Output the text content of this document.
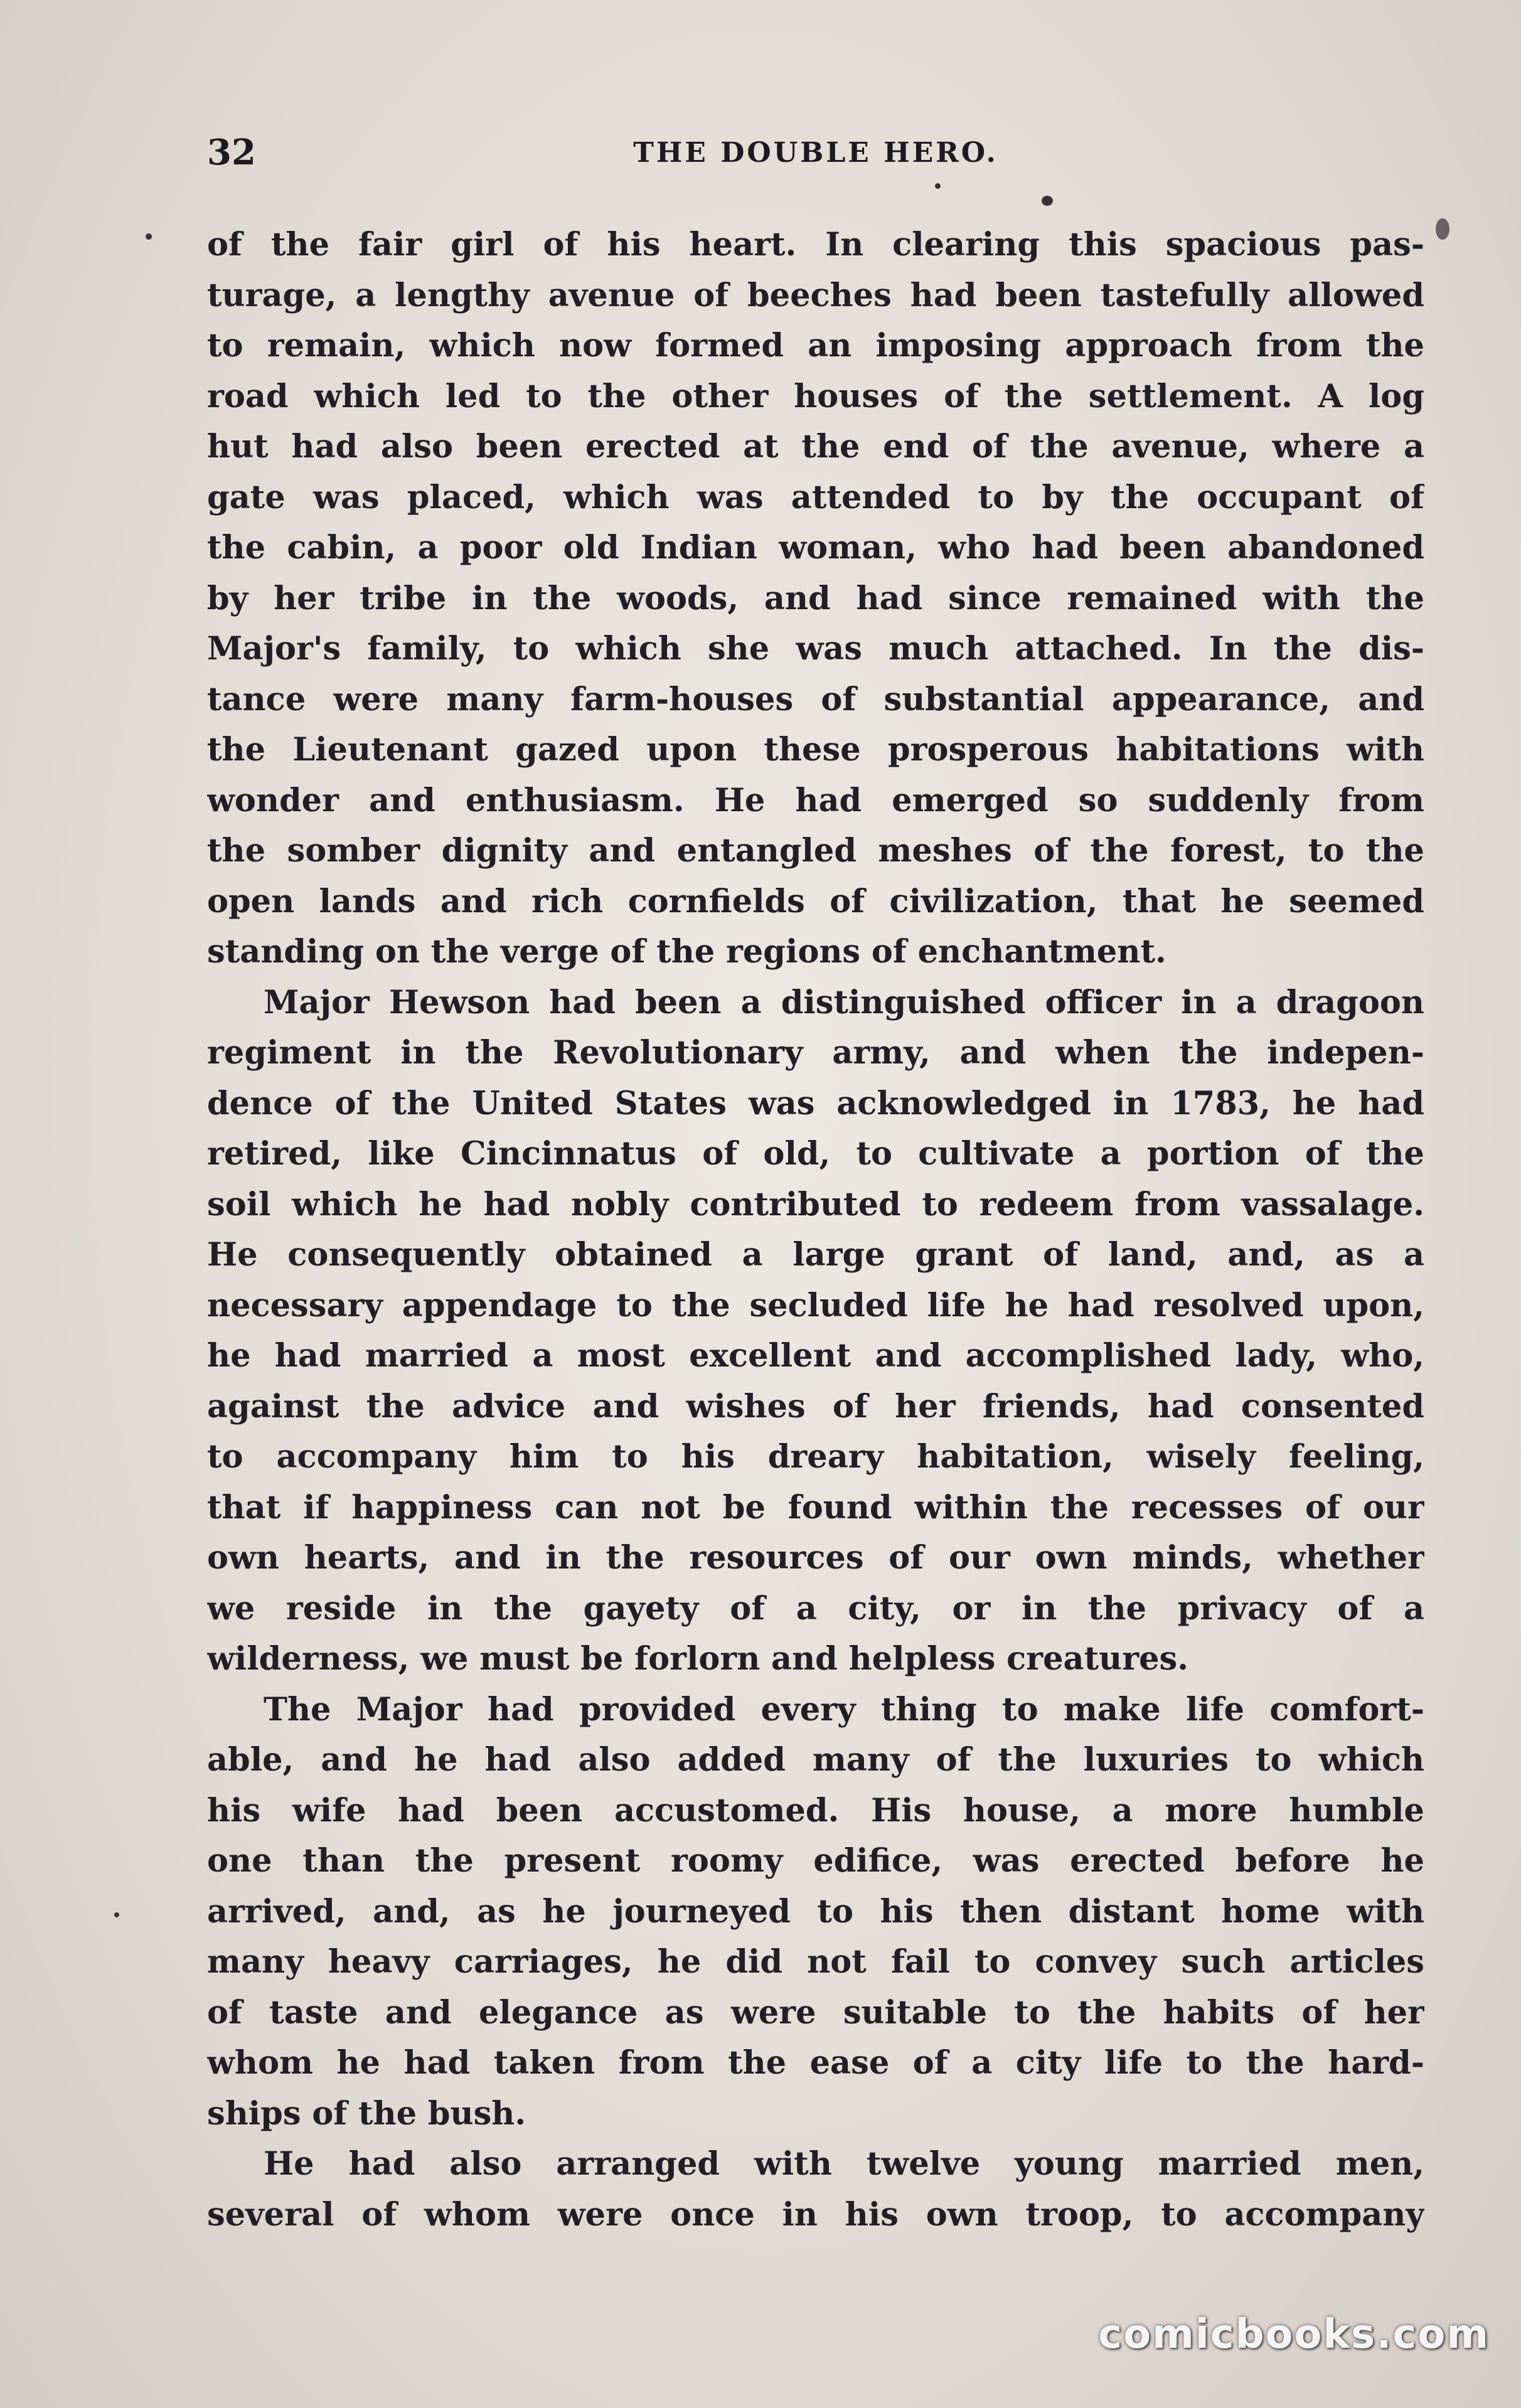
32	THE DOUBLE HERO.
of the fair girl of his heart. In clearing this spacious pas-
turage, a lengthy avenue of beeches had been tastefully allowed
to remain, which now formed an imposing approach from the
road which led to the other houses of the settlement. A log
hut had also been erected at the end of the avenue, where a
gate was placed, which was attended to by the occupant of
the cabin, a poor old Indian woman, who had been abandoned
by her tribe in the woods, and had since remained with the
Major's family, to which she was much attached. In the dis-
tance were many farm-houses of substantial appearance, and
the Lieutenant gazed upon these prosperous habitations with
wonder and enthusiasm. He had emerged so suddenly from
the somber dignity and entangled meshes of the forest, to the
open lands and rich cornfields of civilization, that he seemed
standing on the verge of the regions of enchantment.
Major Hewson had been a distinguished officer in a dragoon
regiment in the Revolutionary army, and when the indepen-
dence of the United States was acknowledged in 1783, he had
retired, like Cincinnatus of old, to cultivate a portion of the
soil which he had nobly contributed to redeem from vassalage.
He consequently obtained a large grant of land, and, as a
necessary appendage to the secluded life he had resolved upon,
he had married a most excellent and accomplished lady, who,
against the advice and wishes of her friends, had consented
to accompany him to his dreary habitation, wisely feeling,
that if happiness can not be found within the recesses of our
own hearts, and in the resources of our own minds, whether
we reside in the gayety of a city, or in the privacy of a
wilderness, we must be forlorn and helpless creatures.
The Major had provided every thing to make life comfort-
able, and he had also added many of the luxuries to which
his wife had been accustomed. His house, a more humble
one than the present roomy edifice, was erected before he
arrived, and, as he journeyed to his then distant home with
many heavy carriages, he did not fail to convey such articles
of taste and elegance as were suitable to the habits of her
whom he had taken from the ease of a city life to the hard-
ships of the bush.
He had also arranged with twelve young married men,
several of whom were once in his own troop, to accompany
comicbooks.com
